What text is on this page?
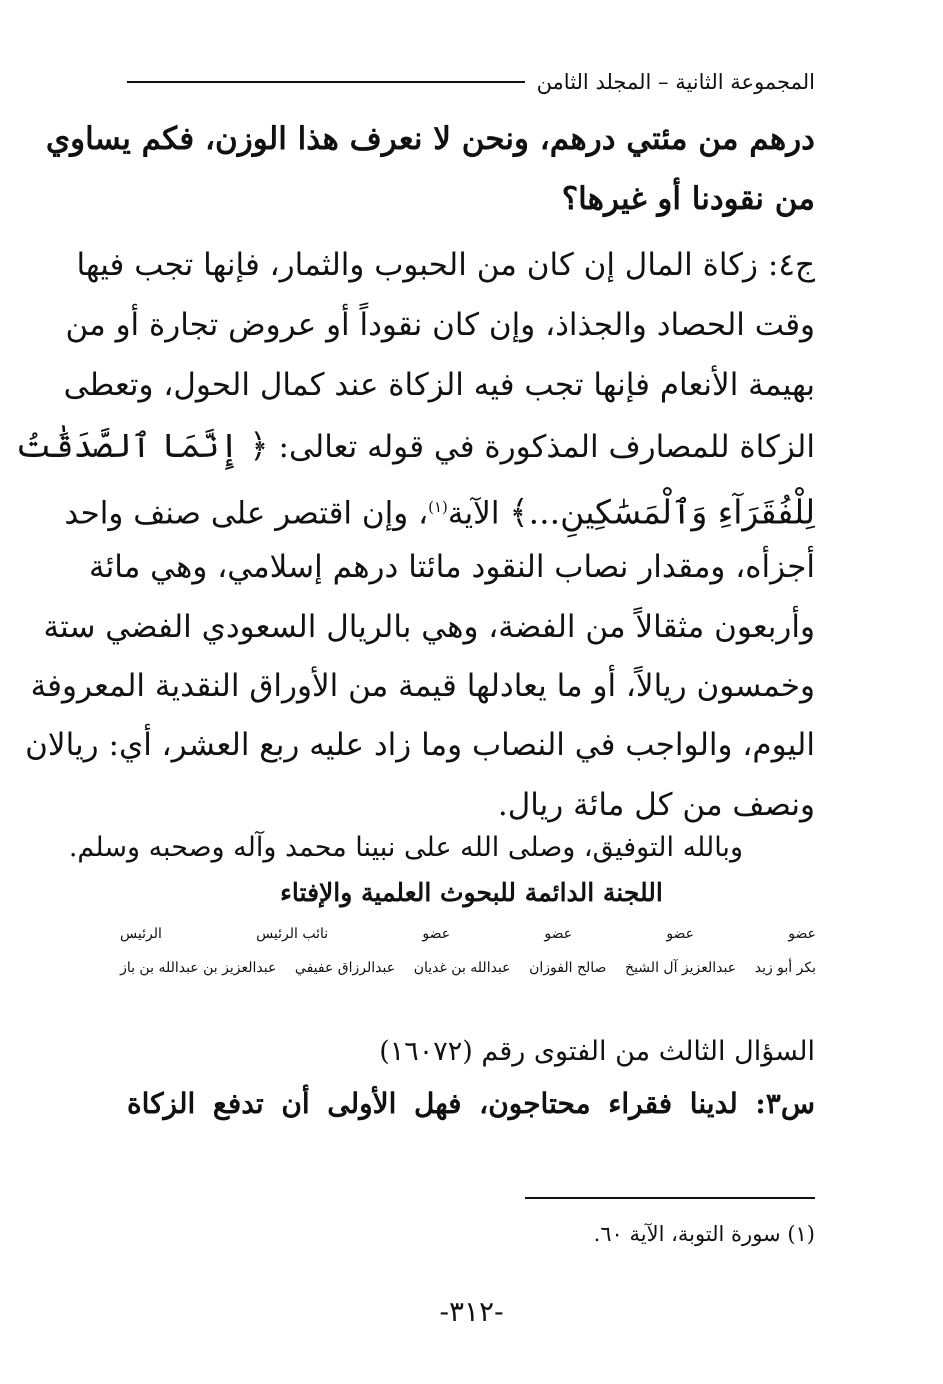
المجموعة الثانية – المجلد الثامن
درهم من مئتي درهم، ونحن لا نعرف هذا الوزن، فكم يساوي
من نقودنا أو غيرها؟
ج٤: زكاة المال إن كان من الحبوب والثمار، فإنها تجب فيها
وقت الحصاد والجذاذ، وإن كان نقوداً أو عروض تجارة أو من
بهيمة الأنعام فإنها تجب فيه الزكاة عند كمال الحول، وتعطى
الزكاة للمصارف المذكورة في قوله تعالى: ﴿ إِنَّمَا ٱلصَّدَقَٰتُ
لِلْفُقَرَآءِ وَٱلْمَسَٰكِينِ...﴾ الآية$^{(١)}$، وإن اقتصر على صنف واحد
أجزأه، ومقدار نصاب النقود مائتا درهم إسلامي، وهي مائة
وأربعون مثقالاً من الفضة، وهي بالريال السعودي الفضي ستة
وخمسون ريالاً، أو ما يعادلها قيمة من الأوراق النقدية المعروفة
اليوم، والواجب في النصاب وما زاد عليه ربع العشر، أي: ريالان
ونصف من كل مائة ريال.
وبالله التوفيق، وصلى الله على نبينا محمد وآله وصحبه وسلم.
اللجنة الدائمة للبحوث العلمية والإفتاء
عضو
عضو
عضو
عضو
نائب الرئيس
الرئيس
بكر أبو زيد
عبدالعزيز آل الشيخ
صالح الفوزان
عبدالله بن غديان
عبدالرزاق عفيفي
عبدالعزيز بن عبدالله بن باز
السؤال الثالث من الفتوى رقم (١٦٠٧٢)
س٣: لدينا فقراء محتاجون، فهل الأولى أن تدفع الزكاة
(١) سورة التوبة، الآية ٦٠.
-٣١٢-
